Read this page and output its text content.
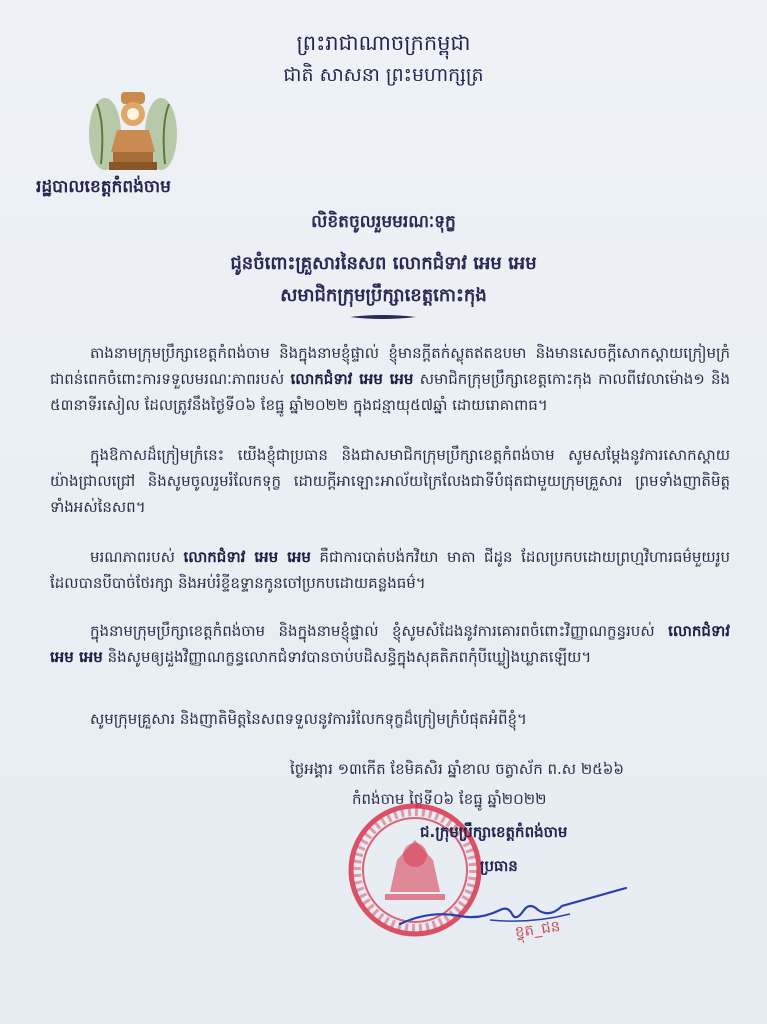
ព្រះរាជាណាចក្រកម្ពុជា
ជាតិ សាសនា ព្រះមហាក្សត្រ
រដ្ឋបាលខេត្តកំពង់ចាម
លិខិតចូលរួមមរណៈទុក្ខ
ជូនចំពោះគ្រួសារនៃសព លោកជំទាវ អេម អេម
សមាជិកក្រុមប្រឹក្សាខេត្តកោះកុង
តាងនាមក្រុមប្រឹក្សាខេត្តកំពង់ចាម និងក្នុងនាមខ្ញុំផ្ទាល់ ខ្ញុំមានក្ដីតក់ស្លុតឥតឧបមា និងមានសេចក្ដីសោកស្ដាយក្រៀមក្រំជាពន់ពេកចំពោះការទទួលមរណៈភាពរបស់ លោកជំទាវ អេម អេម សមាជិកក្រុមប្រឹក្សាខេត្តកោះកុង កាលពីវេលាម៉ោង១ និង ៥៣នាទីរសៀល ដែលត្រូវនឹងថ្ងៃទី០៦ ខែធ្នូ ឆ្នាំ២០២២ ក្នុងជន្មាយុ៥៧ឆ្នាំ ដោយរោគាពាធ។
ក្នុងឱកាសដ៏ក្រៀមក្រំនេះ យើងខ្ញុំជាប្រធាន និងជាសមាជិកក្រុមប្រឹក្សាខេត្តកំពង់ចាម សូមសម្ដែងនូវការសោកស្ដាយយ៉ាងជ្រាលជ្រៅ និងសូមចូលរួមរំលែកទុក្ខ ដោយក្ដីអាឡោះអាល័យក្រៃលែងជាទីបំផុតជាមួយក្រុមគ្រួសារ ព្រមទាំងញាតិមិត្តទាំងអស់នៃសព។
មរណភាពរបស់ លោកជំទាវ អេម អេម គឺជាការបាត់បង់កវិយា មាតា ជីដូន ដែលប្រកបដោយព្រហ្មវិហារធម៌មួយរូប ដែលបានបីបាច់ថែរក្សា និងអប់រំខ្ទីឧទ្ទានកូនចៅប្រកបដោយគន្លងធម៌។
ក្នុងនាមក្រុមប្រឹក្សាខេត្តកំពង់ចាម និងក្នុងនាមខ្ញុំផ្ទាល់ ខ្ញុំសូមសំដែងនូវការគោរពចំពោះវិញ្ញាណក្ខន្ធរបស់ លោកជំទាវ អេម អេម និងសូមឲ្យដួងវិញ្ញាណក្ខន្ធលោកជំទាវបានចាប់បដិសន្ធិក្នុងសុគតិភពកុំបីឃ្លៀងឃ្លាតឡើយ។
សូមក្រុមគ្រួសារ និងញាតិមិត្តនៃសពទទួលនូវការរំលែកទុក្ខដ៏ក្រៀមក្រំបំផុតអំពីខ្ញុំ។
ថ្ងៃអង្គារ ១៣កើត ខែមិគសិរ ឆ្នាំខាល ចត្វាស័ក ព.ស ២៥៦៦
កំពង់ចាម ថ្ងៃទី០៦ ខែធ្នូ ឆ្នាំ២០២២
ជ.ក្រុមប្រឹក្សាខេត្តកំពង់ចាម
ប្រធាន
ខ្វុត_ជន
